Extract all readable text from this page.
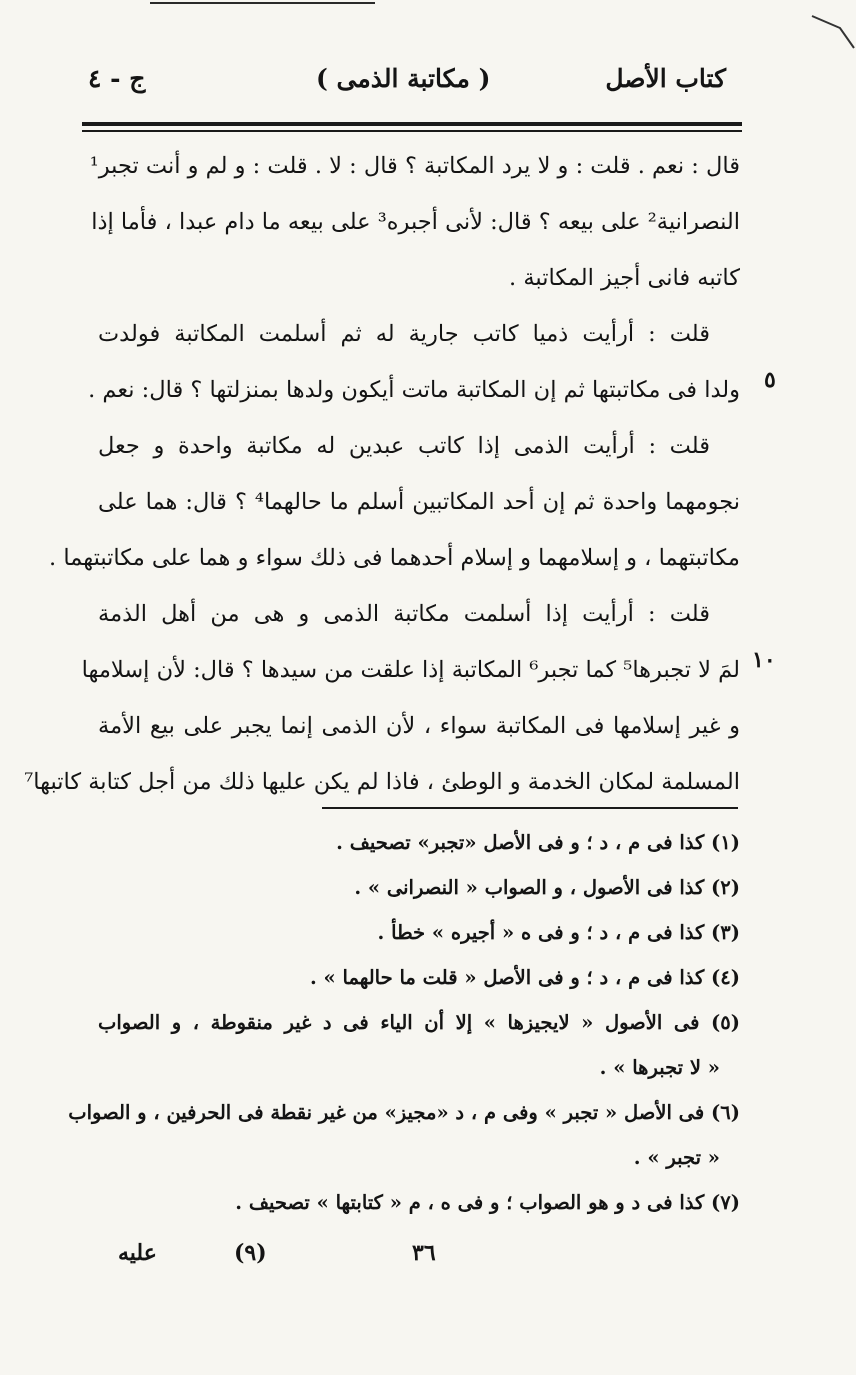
كتاب الأصل
( مكاتبة الذمى )
ج - ٤
قال : نعم . قلت : و لا يرد المكاتبة ؟ قال : لا . قلت : و لم و أنت تجبر¹
النصرانية² على بيعه ؟ قال: لأنى أجبره³ على بيعه ما دام عبدا ، فأما إذا
كاتبه فانى أجيز المكاتبة .
قلت : أرأيت ذميا كاتب جارية له ثم أسلمت المكاتبة فولدت
ولدا فى مكاتبتها ثم إن المكاتبة ماتت أيكون ولدها بمنزلتها ؟ قال: نعم .
قلت : أرأيت الذمى إذا كاتب عبدين له مكاتبة واحدة و جعل
نجومهما واحدة ثم إن أحد المكاتبين أسلم ما حالهما⁴ ؟ قال: هما على
مكاتبتهما ، و إسلامهما و إسلام أحدهما فى ذلك سواء و هما على مكاتبتهما .
قلت : أرأيت إذا أسلمت مكاتبة الذمى و هى من أهل الذمة
لمَ لا تجبرها⁵ كما تجبر⁶ المكاتبة إذا علقت من سيدها ؟ قال: لأن إسلامها
و غير إسلامها فى المكاتبة سواء ، لأن الذمى إنما يجبر على بيع الأمة
المسلمة لمكان الخدمة و الوطئ ، فاذا لم يكن عليها ذلك من أجل كتابة كاتبها⁷
٥
١٠
(١) كذا فى م ، د ؛ و فى الأصل «تجبر» تصحيف .
(٢) كذا فى الأصول ، و الصواب « النصرانى » .
(٣) كذا فى م ، د ؛ و فى ه « أجيره » خطأ .
(٤) كذا فى م ، د ؛ و فى الأصل « قلت ما حالهما » .
(٥) فى الأصول « لايجيزها » إلا أن الياء فى د غير منقوطة ، و الصواب
« لا تجبرها » .
(٦) فى الأصل « تجبر » وفى م ، د «مجيز» من غير نقطة فى الحرفين ، و الصواب
« تجبر » .
(٧) كذا فى د و هو الصواب ؛ و فى ه ، م « كتابتها » تصحيف .
٣٦
(٩)
عليه
